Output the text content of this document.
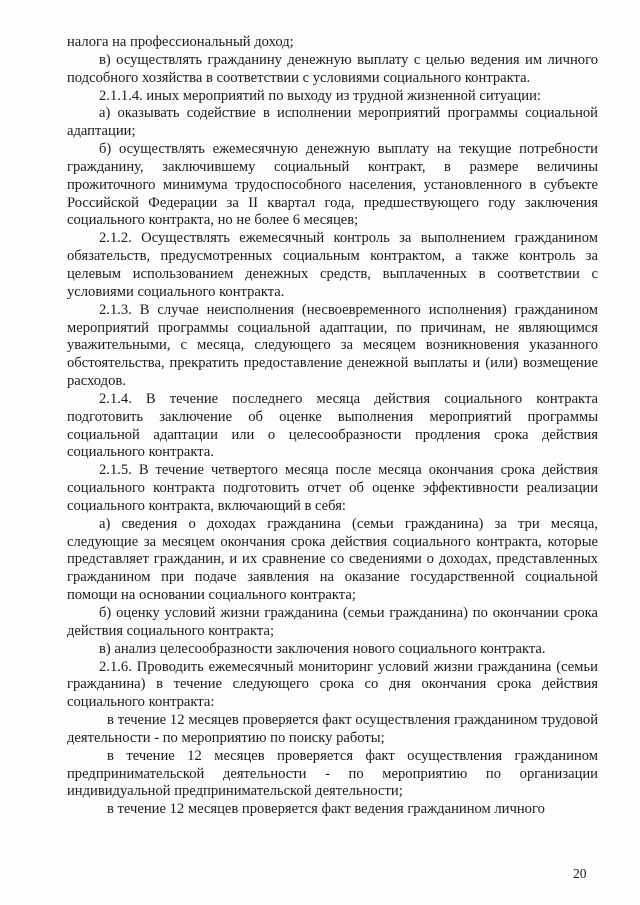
налога на профессиональный доход;

в) осуществлять гражданину денежную выплату с целью ведения им личного подсобного хозяйства в соответствии с условиями социального контракта.

2.1.1.4. иных мероприятий по выходу из трудной жизненной ситуации:

а) оказывать содействие в исполнении мероприятий программы социальной адаптации;

б) осуществлять ежемесячную денежную выплату на текущие потребности гражданину, заключившему социальный контракт, в размере величины прожиточного минимума трудоспособного населения, установленного в субъекте Российской Федерации за II квартал года, предшествующего году заключения социального контракта, но не более 6 месяцев;

2.1.2. Осуществлять ежемесячный контроль за выполнением гражданином обязательств, предусмотренных социальным контрактом, а также контроль за целевым использованием денежных средств, выплаченных в соответствии с условиями социального контракта.

2.1.3. В случае неисполнения (несвоевременного исполнения) гражданином мероприятий программы социальной адаптации, по причинам, не являющимся уважительными, с месяца, следующего за месяцем возникновения указанного обстоятельства, прекратить предоставление денежной выплаты и (или) возмещение расходов.

2.1.4. В течение последнего месяца действия социального контракта подготовить заключение об оценке выполнения мероприятий программы социальной адаптации или о целесообразности продления срока действия социального контракта.

2.1.5. В течение четвертого месяца после месяца окончания срока действия социального контракта подготовить отчет об оценке эффективности реализации социального контракта, включающий в себя:

а) сведения о доходах гражданина (семьи гражданина) за три месяца, следующие за месяцем окончания срока действия социального контракта, которые представляет гражданин, и их сравнение со сведениями о доходах, представленных гражданином при подаче заявления на оказание государственной социальной помощи на основании социального контракта;

б) оценку условий жизни гражданина (семьи гражданина) по окончании срока действия социального контракта;

в) анализ целесообразности заключения нового социального контракта.

2.1.6. Проводить ежемесячный мониторинг условий жизни гражданина (семьи гражданина) в течение следующего срока со дня окончания срока действия социального контракта:

в течение 12 месяцев проверяется факт осуществления гражданином трудовой деятельности - по мероприятию по поиску работы;

в течение 12 месяцев проверяется факт осуществления гражданином предпринимательской деятельности - по мероприятию по организации индивидуальной предпринимательской деятельности;

в течение 12 месяцев проверяется факт ведения гражданином личного

20
